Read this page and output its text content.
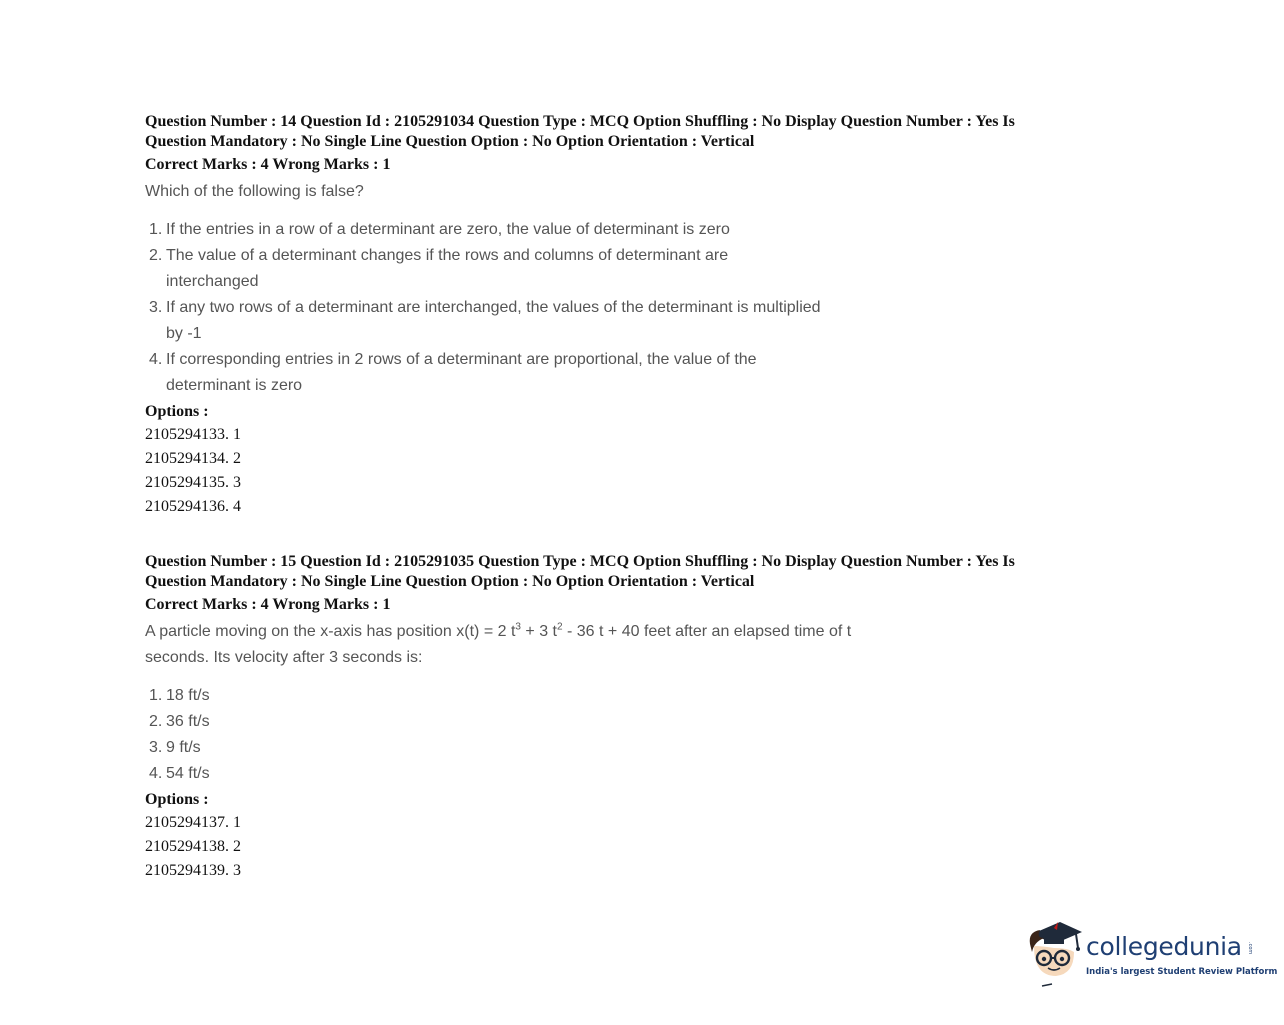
Question Number : 14 Question Id : 2105291034 Question Type : MCQ Option Shuffling : No Display Question Number : Yes Is
Question Mandatory : No Single Line Question Option : No Option Orientation : Vertical
Correct Marks : 4 Wrong Marks : 1
Which of the following is false?
1. If the entries in a row of a determinant are zero, the value of determinant is zero
2. The value of a determinant changes if the rows and columns of determinant are interchanged
3. If any two rows of a determinant are interchanged, the values of the determinant is multiplied by -1
4. If corresponding entries in 2 rows of a determinant are proportional, the value of the determinant is zero
Options :
2105294133. 1
2105294134. 2
2105294135. 3
2105294136. 4
Question Number : 15 Question Id : 2105291035 Question Type : MCQ Option Shuffling : No Display Question Number : Yes Is
Question Mandatory : No Single Line Question Option : No Option Orientation : Vertical
Correct Marks : 4 Wrong Marks : 1
A particle moving on the x-axis has position x(t) = 2 $t^3 + 3$ $t^2 - 36$ t + 40 feet after an elapsed time of t seconds. Its velocity after 3 seconds is:
1. 18 ft/s
2. 36 ft/s
3. 9 ft/s
4. 54 ft/s
Options :
2105294137. 1
2105294138. 2
2105294139. 3
collegedunia .com
India's largest Student Review Platform
